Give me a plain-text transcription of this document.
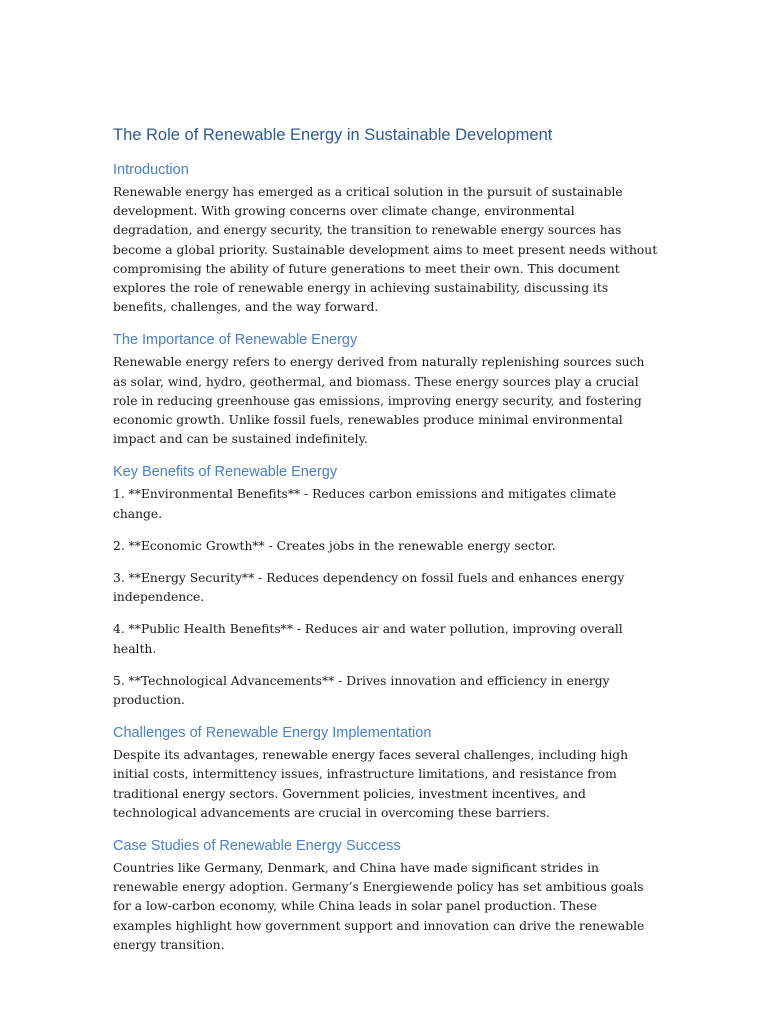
The Role of Renewable Energy in Sustainable Development
Introduction

Renewable energy has emerged as a critical solution in the pursuit of sustainable development. With growing concerns over climate change, environmental degradation, and energy security, the transition to renewable energy sources has become a global priority. Sustainable development aims to meet present needs without compromising the ability of future generations to meet their own. This document explores the role of renewable energy in achieving sustainability, discussing its benefits, challenges, and the way forward.

The Importance of Renewable Energy

Renewable energy refers to energy derived from naturally replenishing sources such as solar, wind, hydro, geothermal, and biomass. These energy sources play a crucial role in reducing greenhouse gas emissions, improving energy security, and fostering economic growth. Unlike fossil fuels, renewables produce minimal environmental impact and can be sustained indefinitely.

Key Benefits of Renewable Energy

1. **Environmental Benefits** - Reduces carbon emissions and mitigates climate change.

2. **Economic Growth** - Creates jobs in the renewable energy sector.

3. **Energy Security** - Reduces dependency on fossil fuels and enhances energy independence.

4. **Public Health Benefits** - Reduces air and water pollution, improving overall health.

5. **Technological Advancements** - Drives innovation and efficiency in energy production.

Challenges of Renewable Energy Implementation

Despite its advantages, renewable energy faces several challenges, including high initial costs, intermittency issues, infrastructure limitations, and resistance from traditional energy sectors. Government policies, investment incentives, and technological advancements are crucial in overcoming these barriers.

Case Studies of Renewable Energy Success

Countries like Germany, Denmark, and China have made significant strides in renewable energy adoption. Germany’s Energiewende policy has set ambitious goals for a low-carbon economy, while China leads in solar panel production. These examples highlight how government support and innovation can drive the renewable energy transition.
